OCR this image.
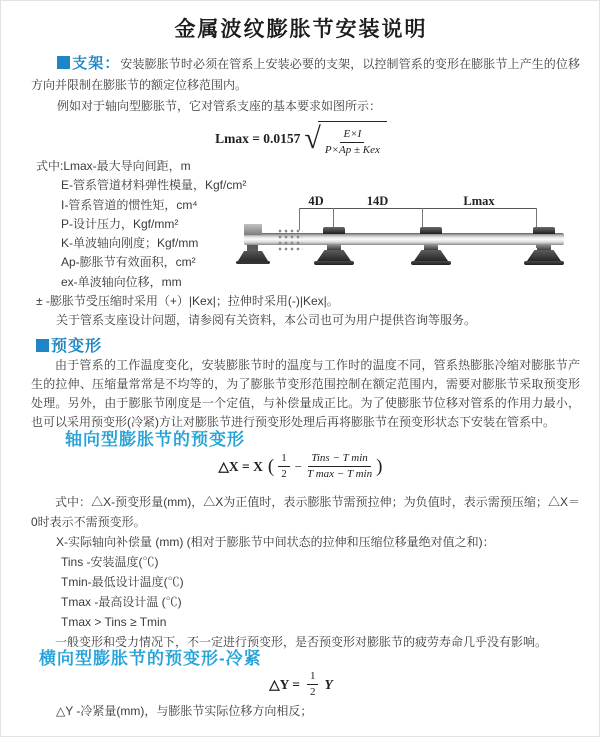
金属波纹膨胀节安装说明

支架：安装膨胀节时必须在管系上安装必要的支架，以控制管系的变形在膨胀节上产生的位移方向并限制在膨胀节的额定位移范围内。

例如对于轴向型膨胀节，它对管系支座的基本要求如图所示：

Lmax = 0.0157 √ $\frac{E\times I}{\text{P×Ap ± Kex}}$
式中:Lmax-最大导向间距，m
E-管系管道材料弹性模量，Kgf/cm²
I-管系管道的惯性矩，cm⁴
P-设计压力，Kgf/mm²
K-单波轴向刚度；Kgf/mm
Ap-膨胀节有效面积，cm²
ex-单波轴向位移，mm
± -膨胀节受压缩时采用（+）|Kex|；拉伸时采用(-)|Kex|。
关于管系支座设计问题，请参阅有关资料，本公司也可为用户提供咨询等服务。
4D	14D	Lmax
预变形
由于管系的工作温度变化，安装膨胀节时的温度与工作时的温度不同，管系热膨胀冷缩对膨胀节产生的拉伸、压缩量常常是不均等的，为了膨胀节变形范围控制在额定范围内，需要对膨胀节采取预变形处理。另外，由于膨胀节刚度是一个定值，与补偿量成正比。为了使膨胀节位移对管系的作用力最小，也可以采用预变形(冷紧)方让对膨胀节进行预变形处理后再将膨胀节在预变形状态下安装在管系中。
轴向型膨胀节的预变形
△X = X ( $\frac{1}{2} - \frac{\text{Tins − T min}}{\text{T max − T min}}$ )
式中：△X-预变形量(mm)，△X为正值时，表示膨胀节需预拉伸；为负值时，表示需预压缩；△X＝0时表示不需预变形。
X-实际轴向补偿量 (mm) (相对于膨胀节中间状态的拉伸和压缩位移量绝对值之和)：
Tins -安装温度(℃)
Tmin-最低设计温度(℃)
Tmax -最高设计温 (℃)
Tmax > Tins ≥ Tmin
一般变形和受力情况下，不一定进行预变形，是否预变形对膨胀节的疲劳寿命几乎没有影响。
横向型膨胀节的预变形-冷紧
△Y = $\frac{1}{2}$ Y
△Y -冷紧量(mm)，与膨胀节实际位移方向相反；
